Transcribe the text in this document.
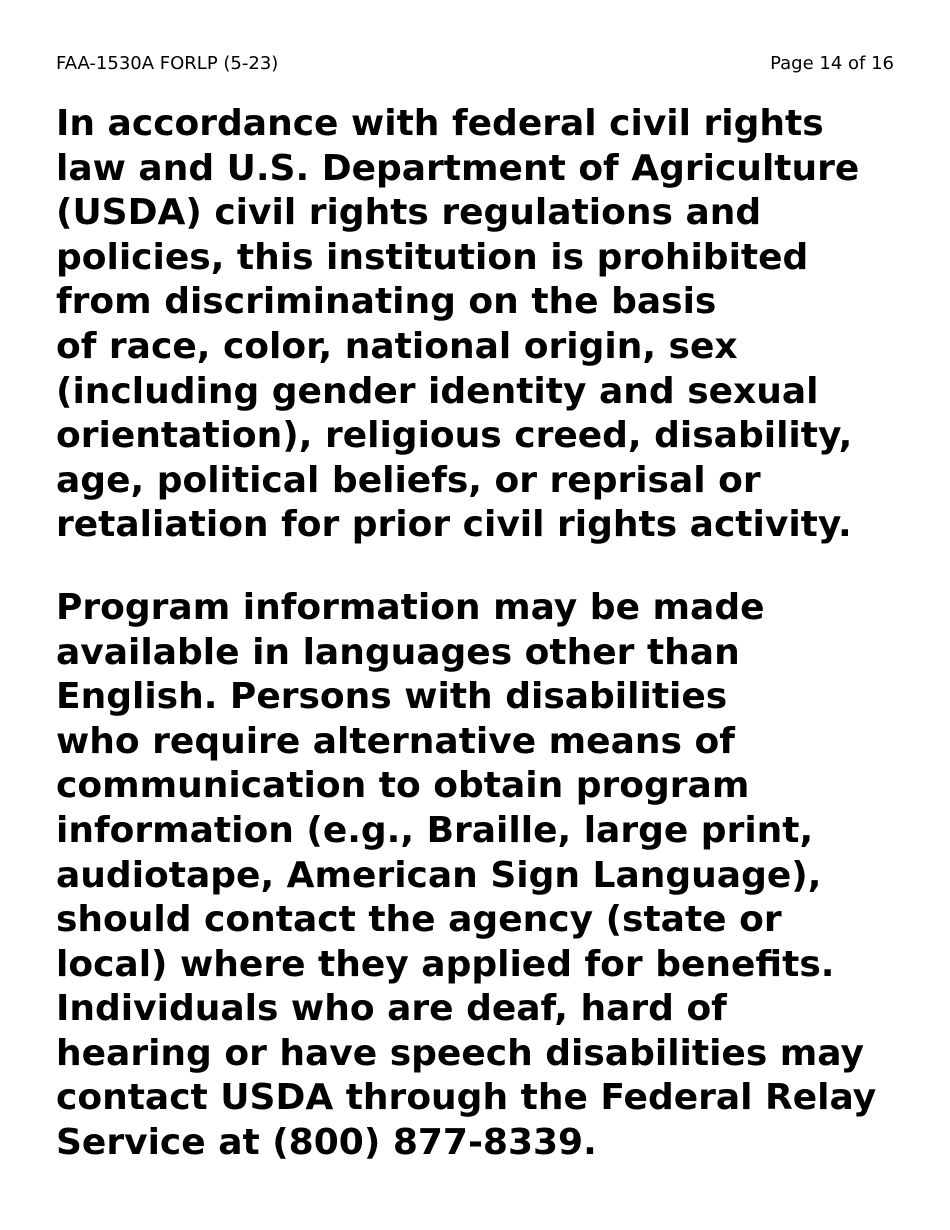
FAA-1530A FORLP (5-23)	Page 14 of 16

In accordance with federal civil rights
law and U.S. Department of Agriculture
(USDA) civil rights regulations and
policies, this institution is prohibited
from discriminating on the basis
of race, color, national origin, sex
(including gender identity and sexual
orientation), religious creed, disability,
age, political beliefs, or reprisal or
retaliation for prior civil rights activity.

Program information may be made
available in languages other than
English. Persons with disabilities
who require alternative means of
communication to obtain program
information (e.g., Braille, large print,
audiotape, American Sign Language),
should contact the agency (state or
local) where they applied for benefits.
Individuals who are deaf, hard of
hearing or have speech disabilities may
contact USDA through the Federal Relay
Service at (800) 877-8339.
